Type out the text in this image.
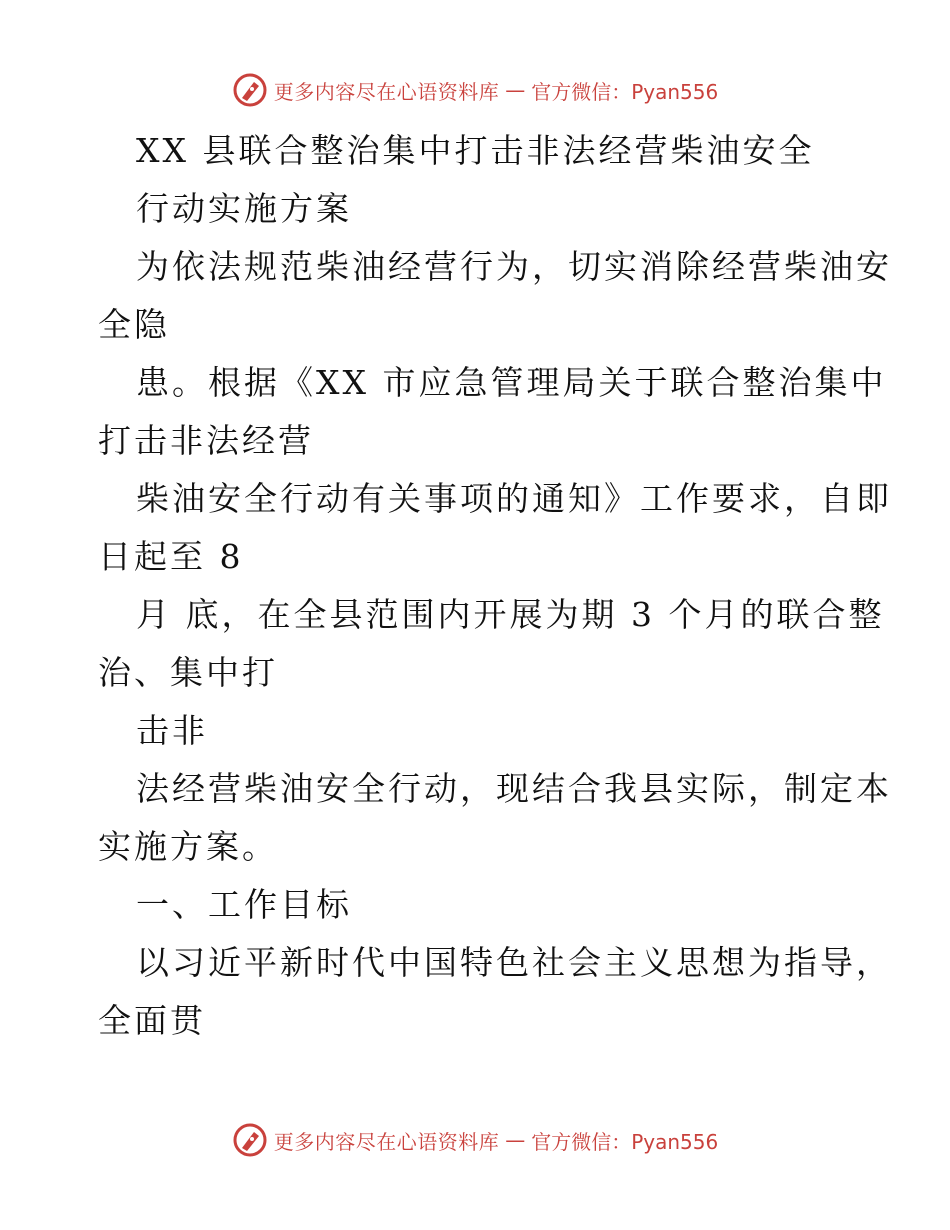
更多内容尽在心语资料库 — 官方微信：Pyan556
XX 县联合整治集中打击非法经营柴油安全
行动实施方案
为依法规范柴油经营行为，切实消除经营柴油安
全隐
患。根据《XX 市应急管理局关于联合整治集中
打击非法经营
柴油安全行动有关事项的通知》工作要求，自即
日起至 8
月 底，在全县范围内开展为期 3 个月的联合整
治、集中打
击非
法经营柴油安全行动，现结合我县实际，制定本
实施方案。
一、工作目标
以习近平新时代中国特色社会主义思想为指导，
全面贯
更多内容尽在心语资料库 — 官方微信：Pyan556
